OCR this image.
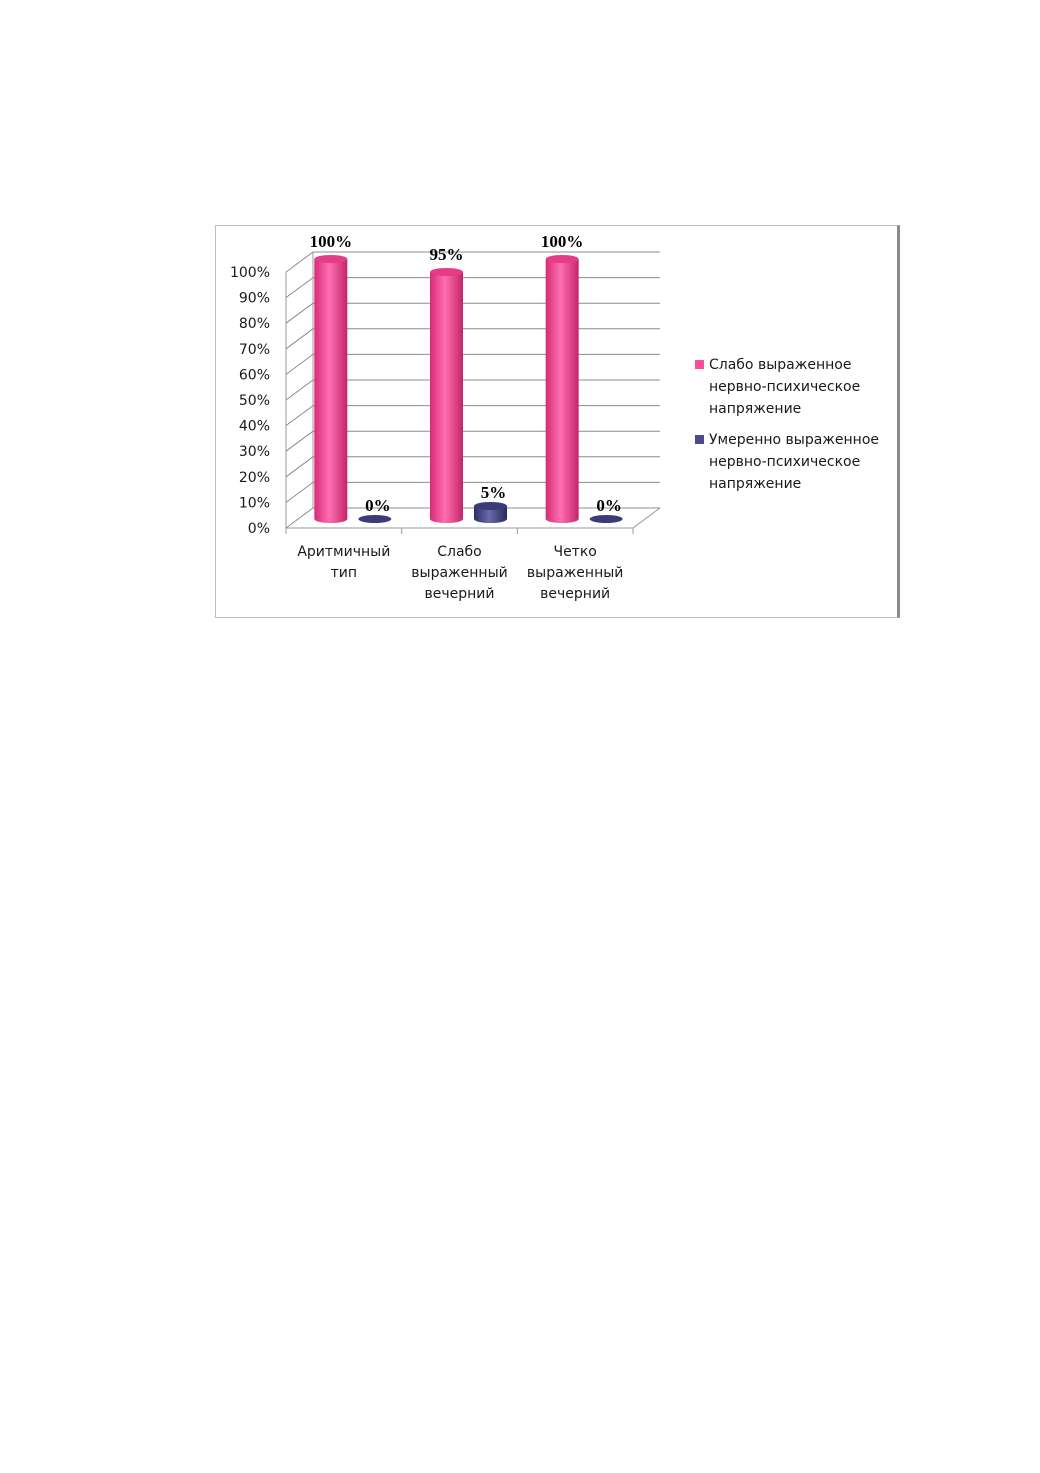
0%
10%
20%
30%
40%
50%
60%
70%
80%
90%
100%
100%
0%
Аритмичный тип
95%
5%
Слабо выраженный вечерний
100%
0%
Четко выраженный вечерний
Слабо выраженное нервно-психическое напряжение
Умеренно выраженное нервно-психическое напряжение
